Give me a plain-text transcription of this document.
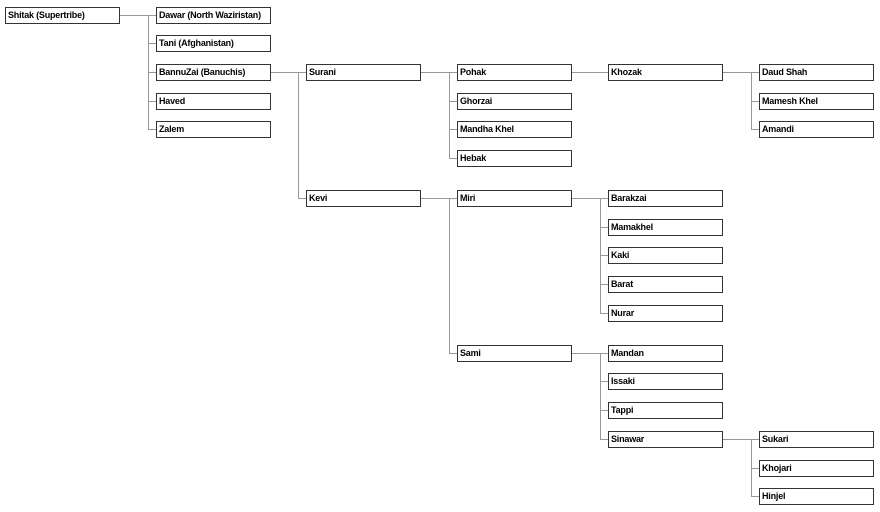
Shitak (Supertribe)	Dawar (North Waziristan)
Tani (Afghanistan)
BannuZai (Banuchis)
Haved
Zalem
Surani
Kevi
Pohak
Ghorzai
Mandha Khel
Hebak
Khozak	Daud Shah
Mamesh Khel
Amandi
Miri	Barakzai
Mamakhel
Kaki
Barat
Nurar
Sami	Mandan
Issaki
Tappi
Sinawar	Sukari
Khojari
Hinjel
